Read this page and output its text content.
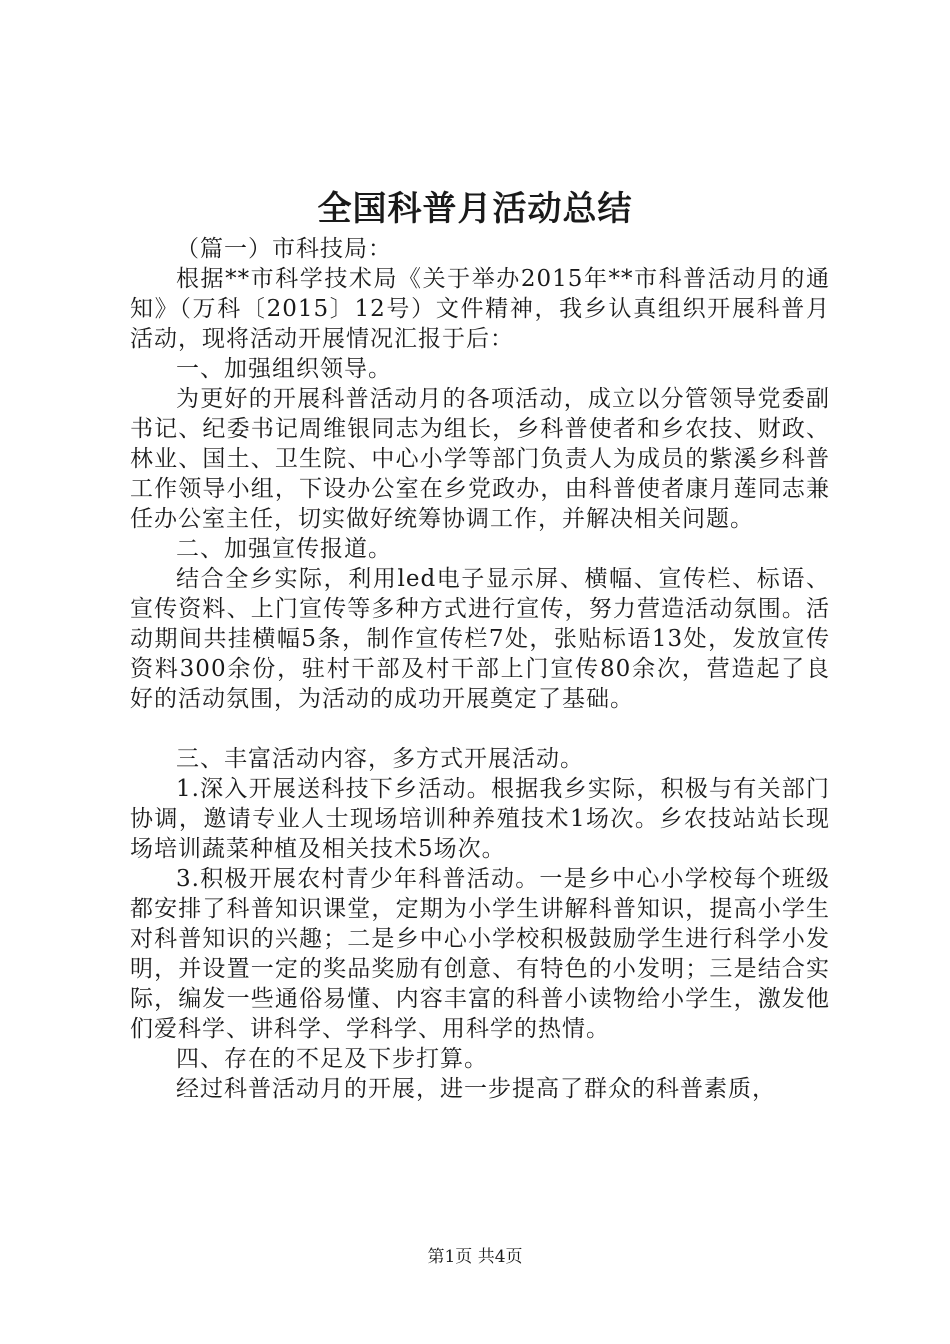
全国科普月活动总结

（篇一）市科技局：

根据**市科学技术局《关于举办2015年**市科普活动月的通知》（万科〔2015〕12号）文件精神，我乡认真组织开展科普月活动，现将活动开展情况汇报于后：

一、加强组织领导。

为更好的开展科普活动月的各项活动，成立以分管领导党委副书记、纪委书记周维银同志为组长，乡科普使者和乡农技、财政、林业、国土、卫生院、中心小学等部门负责人为成员的紫溪乡科普工作领导小组，下设办公室在乡党政办，由科普使者康月莲同志兼任办公室主任，切实做好统筹协调工作，并解决相关问题。

二、加强宣传报道。

结合全乡实际，利用led电子显示屏、横幅、宣传栏、标语、宣传资料、上门宣传等多种方式进行宣传，努力营造活动氛围。活动期间共挂横幅5条，制作宣传栏7处，张贴标语13处，发放宣传资料300余份，驻村干部及村干部上门宣传80余次，营造起了良好的活动氛围，为活动的成功开展奠定了基础。

三、丰富活动内容，多方式开展活动。

1.深入开展送科技下乡活动。根据我乡实际，积极与有关部门协调，邀请专业人士现场培训种养殖技术1场次。乡农技站站长现场培训蔬菜种植及相关技术5场次。

3.积极开展农村青少年科普活动。一是乡中心小学校每个班级都安排了科普知识课堂，定期为小学生讲解科普知识，提高小学生对科普知识的兴趣；二是乡中心小学校积极鼓励学生进行科学小发明，并设置一定的奖品奖励有创意、有特色的小发明；三是结合实际，编发一些通俗易懂、内容丰富的科普小读物给小学生，激发他们爱科学、讲科学、学科学、用科学的热情。

四、存在的不足及下步打算。

经过科普活动月的开展，进一步提高了群众的科普素质，

第1页 共4页
